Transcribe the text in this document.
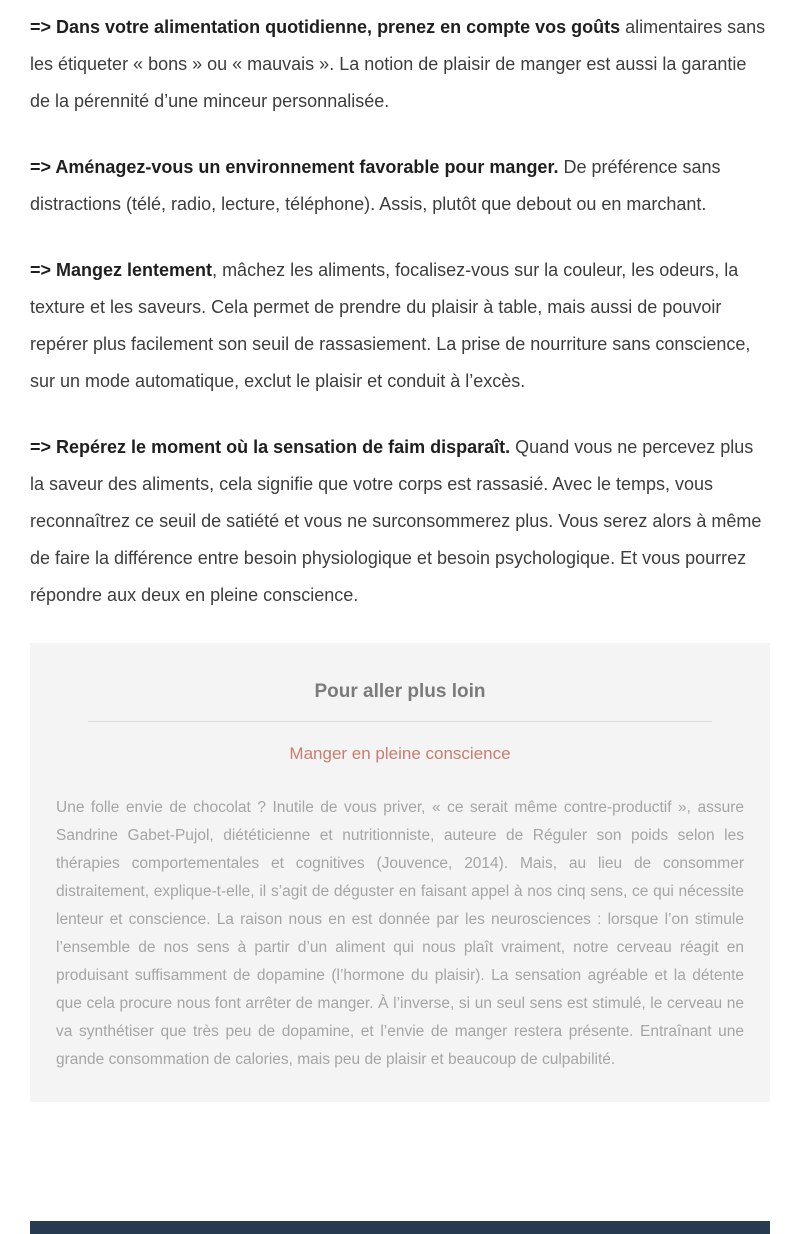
=> Dans votre alimentation quotidienne, prenez en compte vos goûts alimentaires sans les étiqueter « bons » ou « mauvais ». La notion de plaisir de manger est aussi la garantie de la pérennité d’une minceur personnalisée.

=> Aménagez-vous un environnement favorable pour manger. De préférence sans distractions (télé, radio, lecture, téléphone). Assis, plutôt que debout ou en marchant.

=> Mangez lentement, mâchez les aliments, focalisez-vous sur la couleur, les odeurs, la texture et les saveurs. Cela permet de prendre du plaisir à table, mais aussi de pouvoir repérer plus facilement son seuil de rassasiement. La prise de nourriture sans conscience, sur un mode automatique, exclut le plaisir et conduit à l’excès.

=> Repérez le moment où la sensation de faim disparaît. Quand vous ne percevez plus la saveur des aliments, cela signifie que votre corps est rassasié. Avec le temps, vous reconnaîtrez ce seuil de satiété et vous ne surconsommerez plus. Vous serez alors à même de faire la différence entre besoin physiologique et besoin psychologique. Et vous pourrez répondre aux deux en pleine conscience.

Pour aller plus loin
Manger en pleine conscience

Une folle envie de chocolat ? Inutile de vous priver, « ce serait même contre-productif », assure Sandrine Gabet-Pujol, diététicienne et nutritionniste, auteure de Réguler son poids selon les thérapies comportementales et cognitives (Jouvence, 2014). Mais, au lieu de consommer distraitement, explique-t-elle, il s’agit de déguster en faisant appel à nos cinq sens, ce qui nécessite lenteur et conscience. La raison nous en est donnée par les neurosciences : lorsque l’on stimule l’ensemble de nos sens à partir d’un aliment qui nous plaît vraiment, notre cerveau réagit en produisant suffisamment de dopamine (l’hormone du plaisir). La sensation agréable et la détente que cela procure nous font arrêter de manger. À l’inverse, si un seul sens est stimulé, le cerveau ne va synthétiser que très peu de dopamine, et l’envie de manger restera présente. Entraînant une grande consommation de calories, mais peu de plaisir et beaucoup de culpabilité.
